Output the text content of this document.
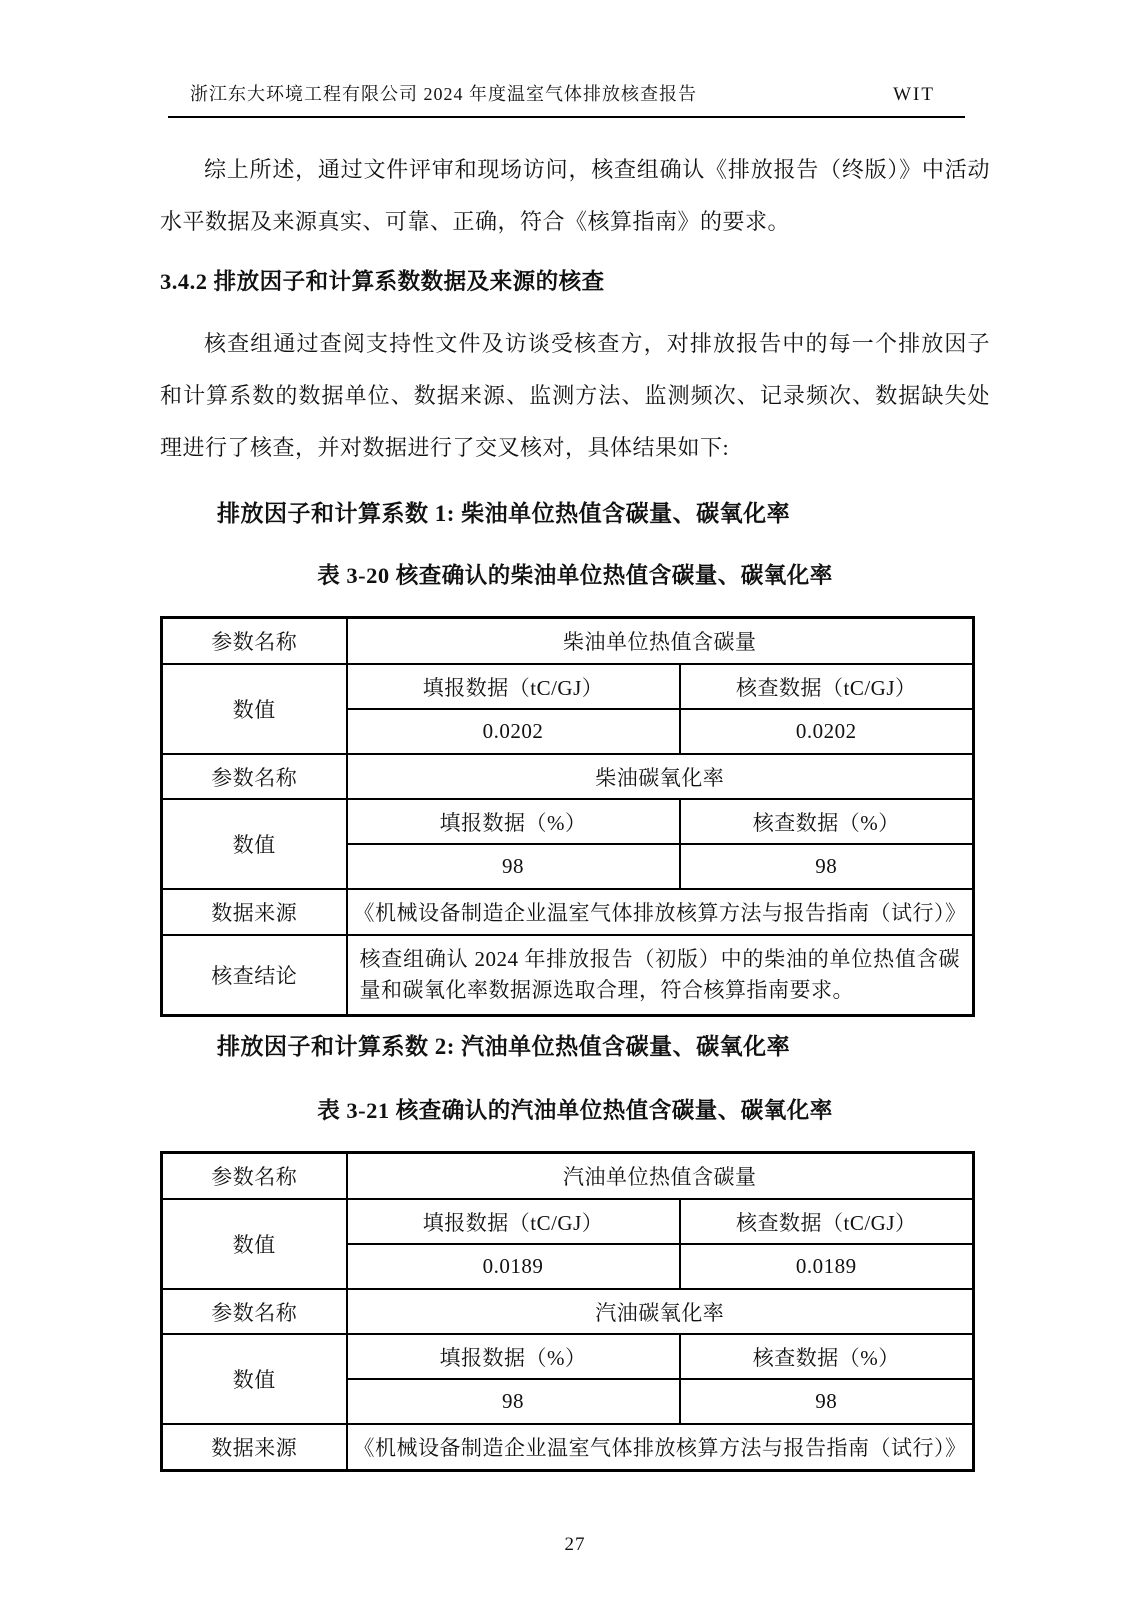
浙江东大环境工程有限公司 2024 年度温室气体排放核查报告	WIT

综上所述，通过文件评审和现场访问，核查组确认《排放报告（终版）》中活动水平数据及来源真实、可靠、正确，符合《核算指南》的要求。

3.4.2 排放因子和计算系数数据及来源的核查

核查组通过查阅支持性文件及访谈受核查方，对排放报告中的每一个排放因子和计算系数的数据单位、数据来源、监测方法、监测频次、记录频次、数据缺失处理进行了核查，并对数据进行了交叉核对，具体结果如下:

排放因子和计算系数 1: 柴油单位热值含碳量、碳氧化率
表 3-20 核查确认的柴油单位热值含碳量、碳氧化率
参数名称	柴油单位热值含碳量	
数值	填报数据（tC/GJ）	核查数据（tC/GJ）
	0.0202	0.0202
参数名称	柴油碳氧化率	
数值	填报数据（%）	核查数据（%）
	98	98
数据来源	《机械设备制造企业温室气体排放核算方法与报告指南（试行）》	
核查结论	核查组确认 2024 年排放报告（初版）中的柴油的单位热值含碳量和碳氧化率数据源选取合理，符合核算指南要求。	
排放因子和计算系数 2: 汽油单位热值含碳量、碳氧化率
表 3-21 核查确认的汽油单位热值含碳量、碳氧化率
参数名称	汽油单位热值含碳量	
数值	填报数据（tC/GJ）	核查数据（tC/GJ）
	0.0189	0.0189
参数名称	汽油碳氧化率	
数值	填报数据（%）	核查数据（%）
	98	98
数据来源	《机械设备制造企业温室气体排放核算方法与报告指南（试行）》	
27
